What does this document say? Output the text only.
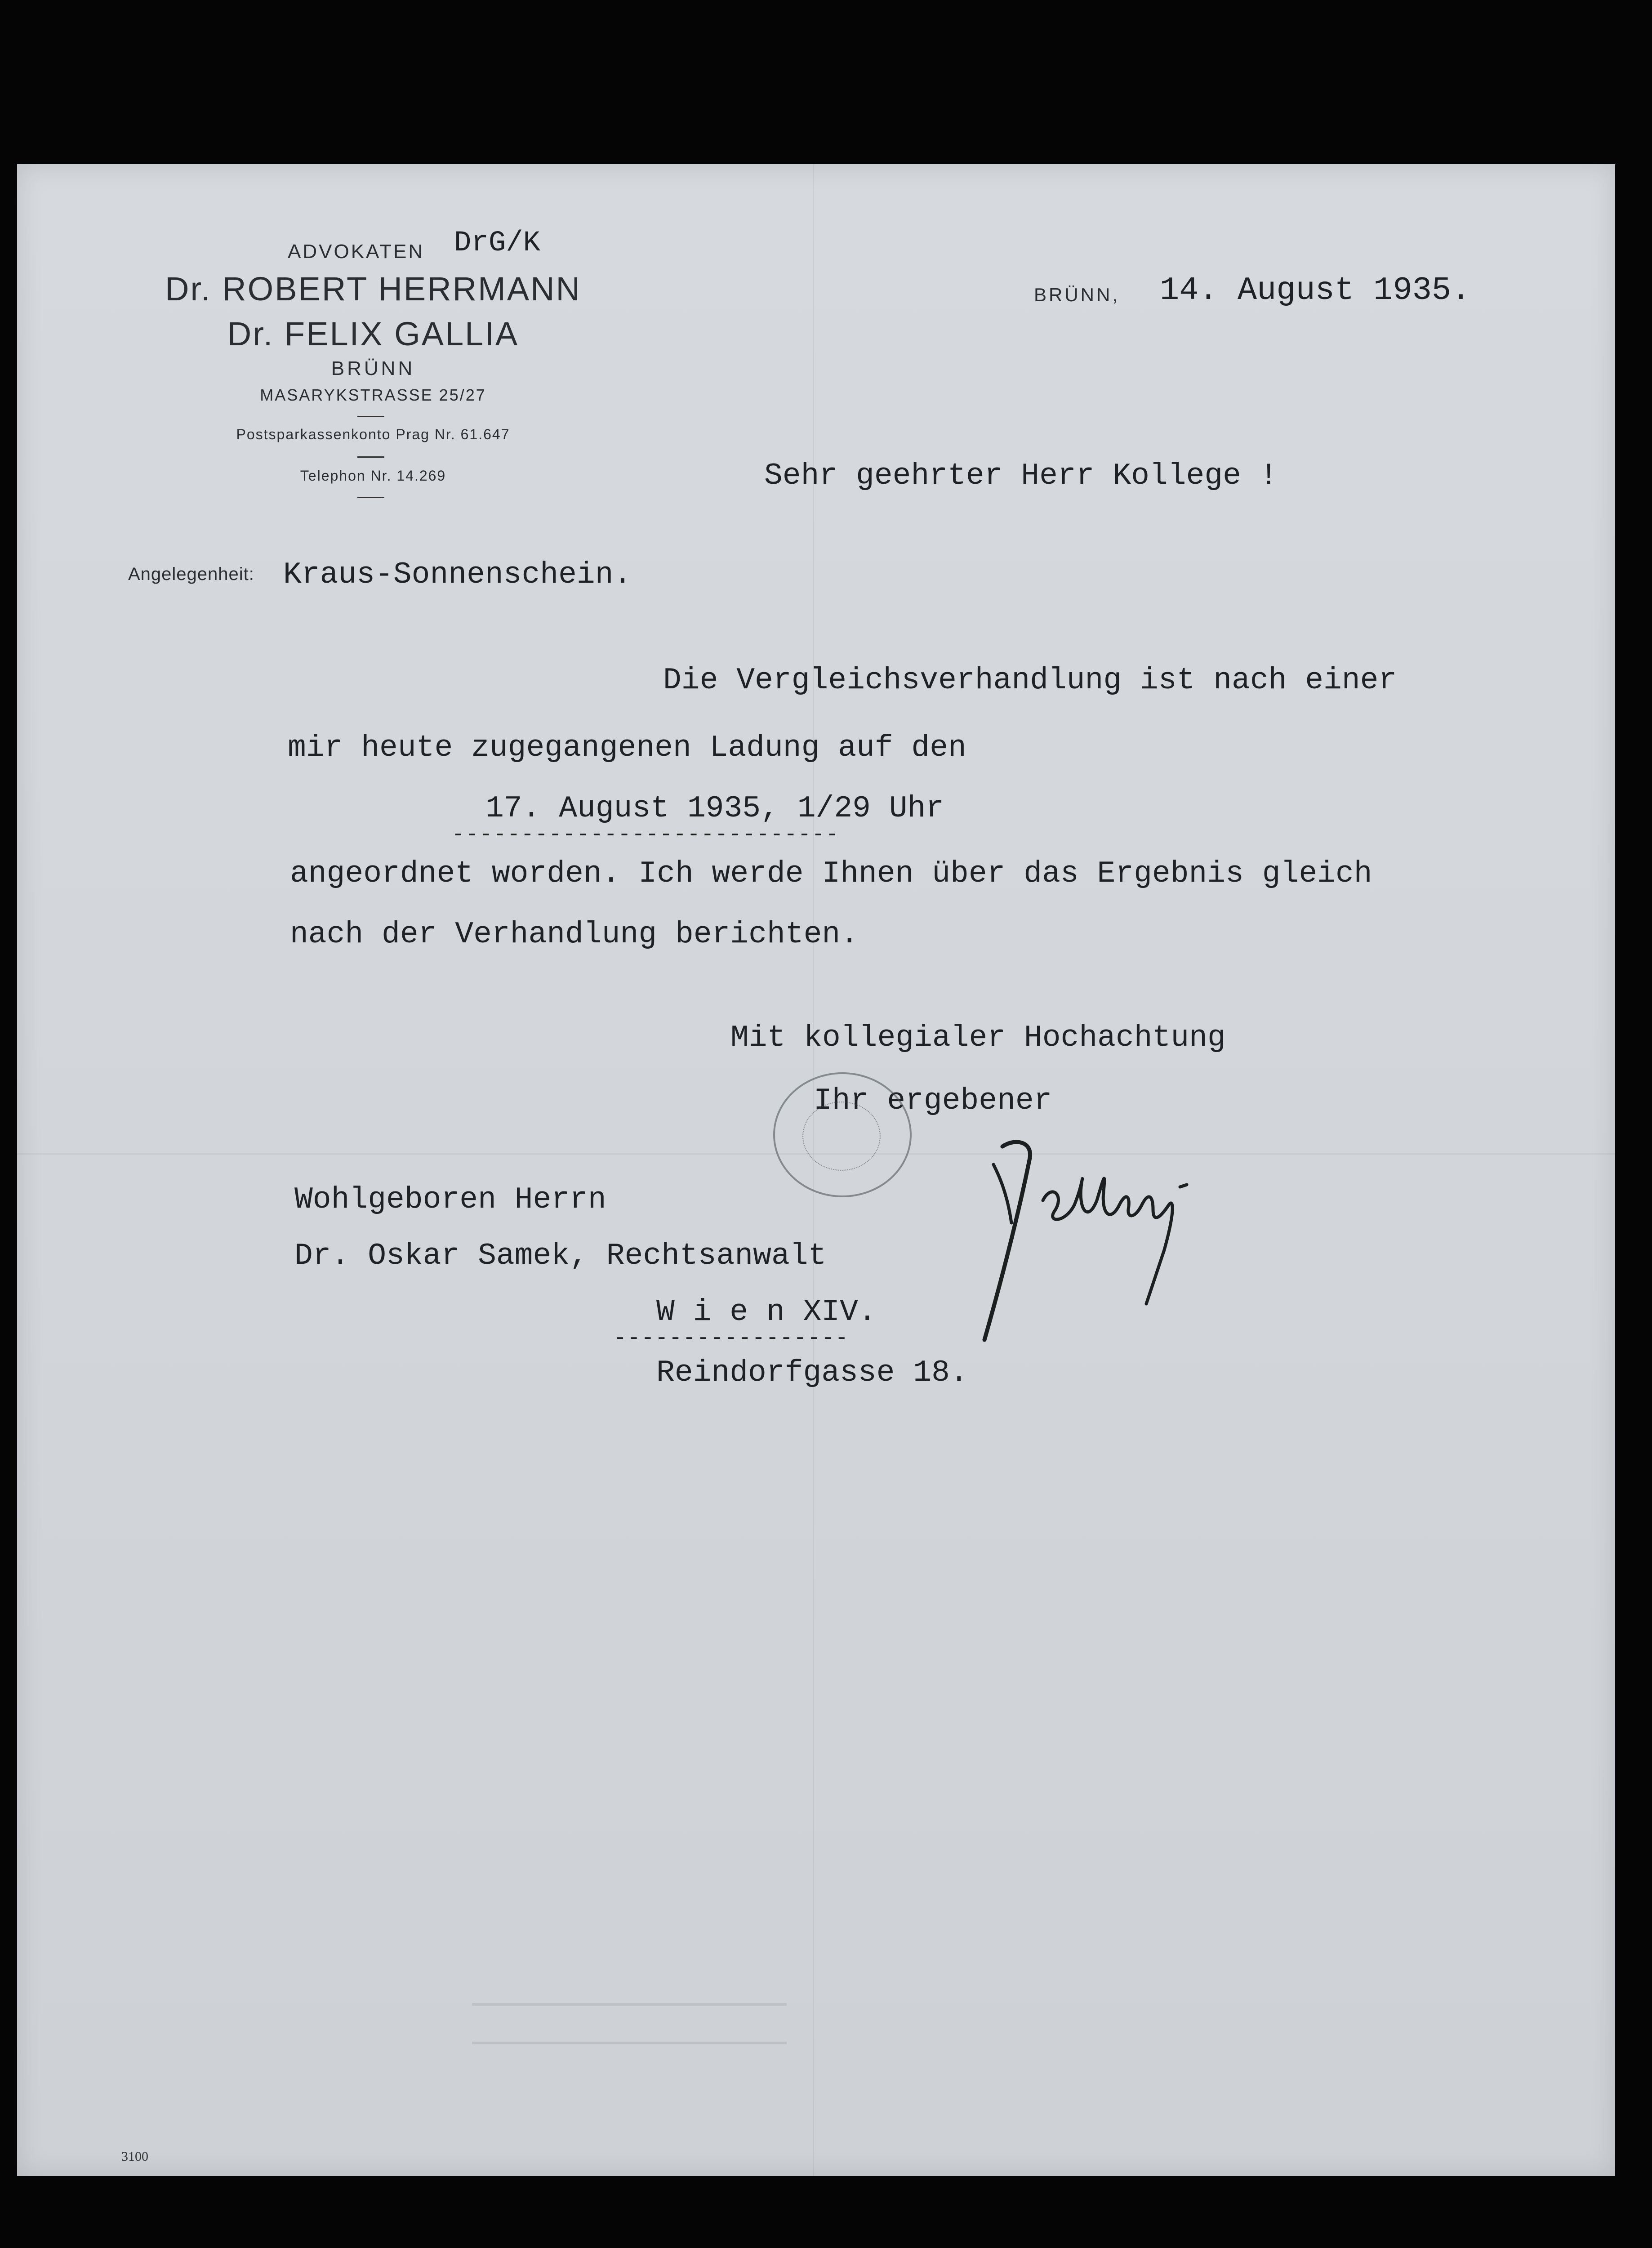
ADVOKATEN DrG/K
Dr. ROBERT HERRMANN
Dr. FELIX GALLIA
BRÜNN
MASARYKSTRASSE 25/27
Postsparkassenkonto Prag Nr. 61.647
Telephon Nr. 14.269
BRÜNN, 14. August 1935.
Sehr geehrter Herr Kollege !
Angelegenheit: Kraus-Sonnenschein.
Die Vergleichsverhandlung ist nach einer
mir heute zugegangenen Ladung auf den
17. August 1935, 1/29 Uhr
----------------------------
angeordnet worden. Ich werde Ihnen über das Ergebnis gleich
nach der Verhandlung berichten.
Mit kollegialer Hochachtung
Ihr ergebener
Wohlgeboren Herrn
Dr. Oskar Samek, Rechtsanwalt
W i e n XIV.
-----------------
Reindorfgasse 18.
3100
